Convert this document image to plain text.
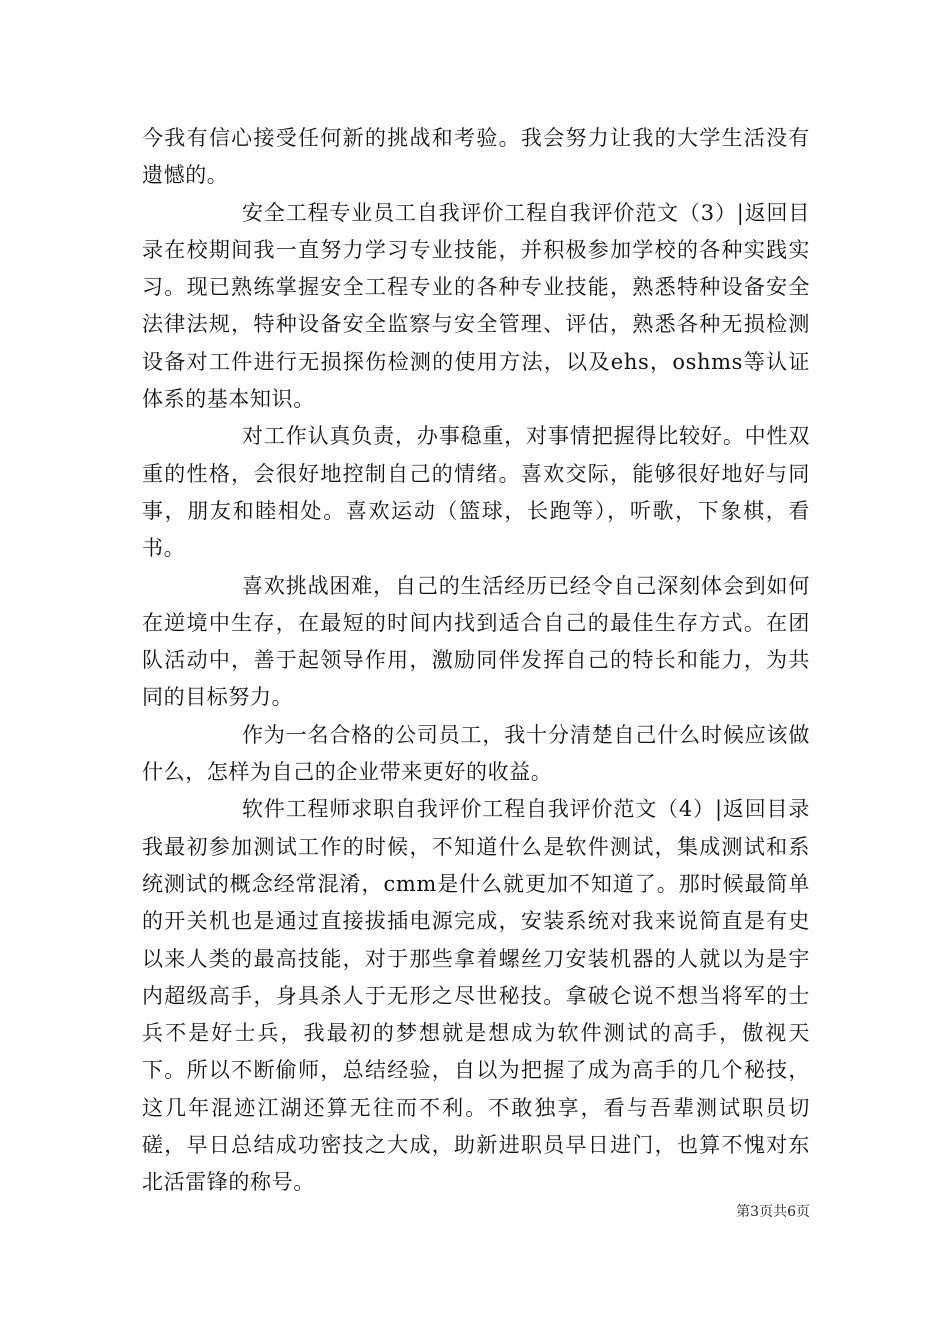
今我有信心接受任何新的挑战和考验。我会努力让我的大学生活没有遗憾的。

安全工程专业员工自我评价工程自我评价范文（3）|返回目录在校期间我一直努力学习专业技能，并积极参加学校的各种实践实习。现已熟练掌握安全工程专业的各种专业技能，熟悉特种设备安全法律法规，特种设备安全监察与安全管理、评估，熟悉各种无损检测设备对工件进行无损探伤检测的使用方法，以及ehs，oshms等认证体系的基本知识。

对工作认真负责，办事稳重，对事情把握得比较好。中性双重的性格，会很好地控制自己的情绪。喜欢交际，能够很好地好与同事，朋友和睦相处。喜欢运动（篮球，长跑等），听歌，下象棋，看书。

喜欢挑战困难，自己的生活经历已经令自己深刻体会到如何在逆境中生存，在最短的时间内找到适合自己的最佳生存方式。在团队活动中，善于起领导作用，激励同伴发挥自己的特长和能力，为共同的目标努力。

作为一名合格的公司员工，我十分清楚自己什么时候应该做什么，怎样为自己的企业带来更好的收益。

软件工程师求职自我评价工程自我评价范文（4）|返回目录我最初参加测试工作的时候，不知道什么是软件测试，集成测试和系统测试的概念经常混淆，cmm是什么就更加不知道了。那时候最简单的开关机也是通过直接拔插电源完成，安装系统对我来说简直是有史以来人类的最高技能，对于那些拿着螺丝刀安装机器的人就以为是宇内超级高手，身具杀人于无形之尽世秘技。拿破仑说不想当将军的士兵不是好士兵，我最初的梦想就是想成为软件测试的高手，傲视天下。所以不断偷师，总结经验，自以为把握了成为高手的几个秘技，这几年混迹江湖还算无往而不利。不敢独享，看与吾辈测试职员切磋，早日总结成功密技之大成，助新进职员早日进门，也算不愧对东北活雷锋的称号。

第3页共6页
